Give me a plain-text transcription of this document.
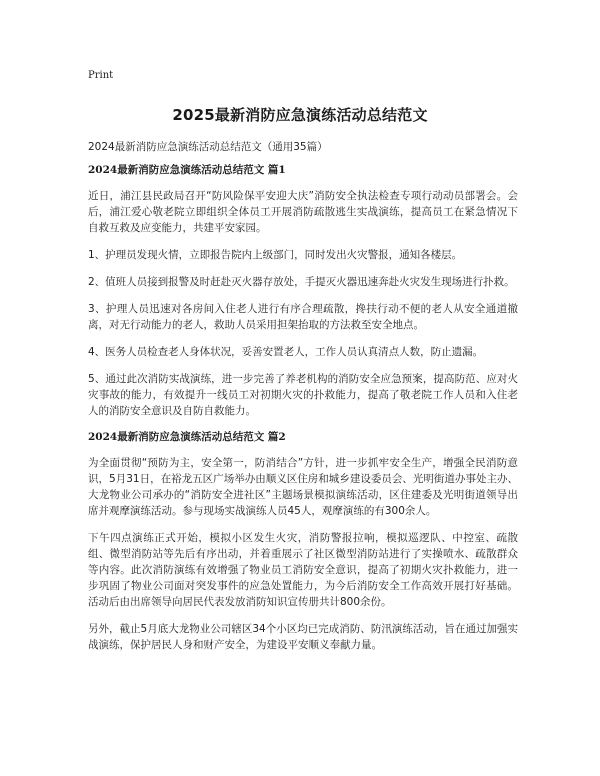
Print
2025最新消防应急演练活动总结范文
2024最新消防应急演练活动总结范文（通用35篇）
2024最新消防应急演练活动总结范文 篇1

近日，浦江县民政局召开“防风险保平安迎大庆”消防安全执法检查专项行动动员部署会。会后，浦江爱心敬老院立即组织全体员工开展消防疏散逃生实战演练，提高员工在紧急情况下自救互救及应变能力，共建平安家园。

1、护理员发现火情，立即报告院内上级部门，同时发出火灾警报，通知各楼层。

2、值班人员接到报警及时赶赴灭火器存放处，手提灭火器迅速奔赴火灾发生现场进行扑救。

3、护理人员迅速对各房间入住老人进行有序合理疏散，搀扶行动不便的老人从安全通道撤离，对无行动能力的老人，救助人员采用担架抬取的方法救至安全地点。

4、医务人员检查老人身体状况，妥善安置老人，工作人员认真清点人数，防止遗漏。

5、通过此次消防实战演练，进一步完善了养老机构的消防安全应急预案，提高防范、应对火灾事故的能力，有效提升一线员工对初期火灾的扑救能力，提高了敬老院工作人员和入住老人的消防安全意识及自防自救能力。

2024最新消防应急演练活动总结范文 篇2

为全面贯彻“预防为主，安全第一，防消结合”方针，进一步抓牢安全生产，增强全民消防意识，5月31日，在裕龙五区广场举办由顺义区住房和城乡建设委员会、光明街道办事处主办、大龙物业公司承办的“消防安全进社区”主题场景模拟演练活动，区住建委及光明街道领导出席并观摩演练活动。参与现场实战演练人员45人，观摩演练的有300余人。

下午四点演练正式开始，模拟小区发生火灾，消防警报拉响，模拟巡逻队、中控室、疏散组、微型消防站等先后有序出动，并着重展示了社区微型消防站进行了实操喷水、疏散群众等内容。此次消防演练有效增强了物业员工消防安全意识，提高了初期火灾扑救能力，进一步巩固了物业公司面对突发事件的应急处置能力，为今后消防安全工作高效开展打好基础。活动后由出席领导向居民代表发放消防知识宣传册共计800余份。

另外，截止5月底大龙物业公司辖区34个小区均已完成消防、防汛演练活动，旨在通过加强实战演练，保护居民人身和财产安全，为建设平安顺义奉献力量。
